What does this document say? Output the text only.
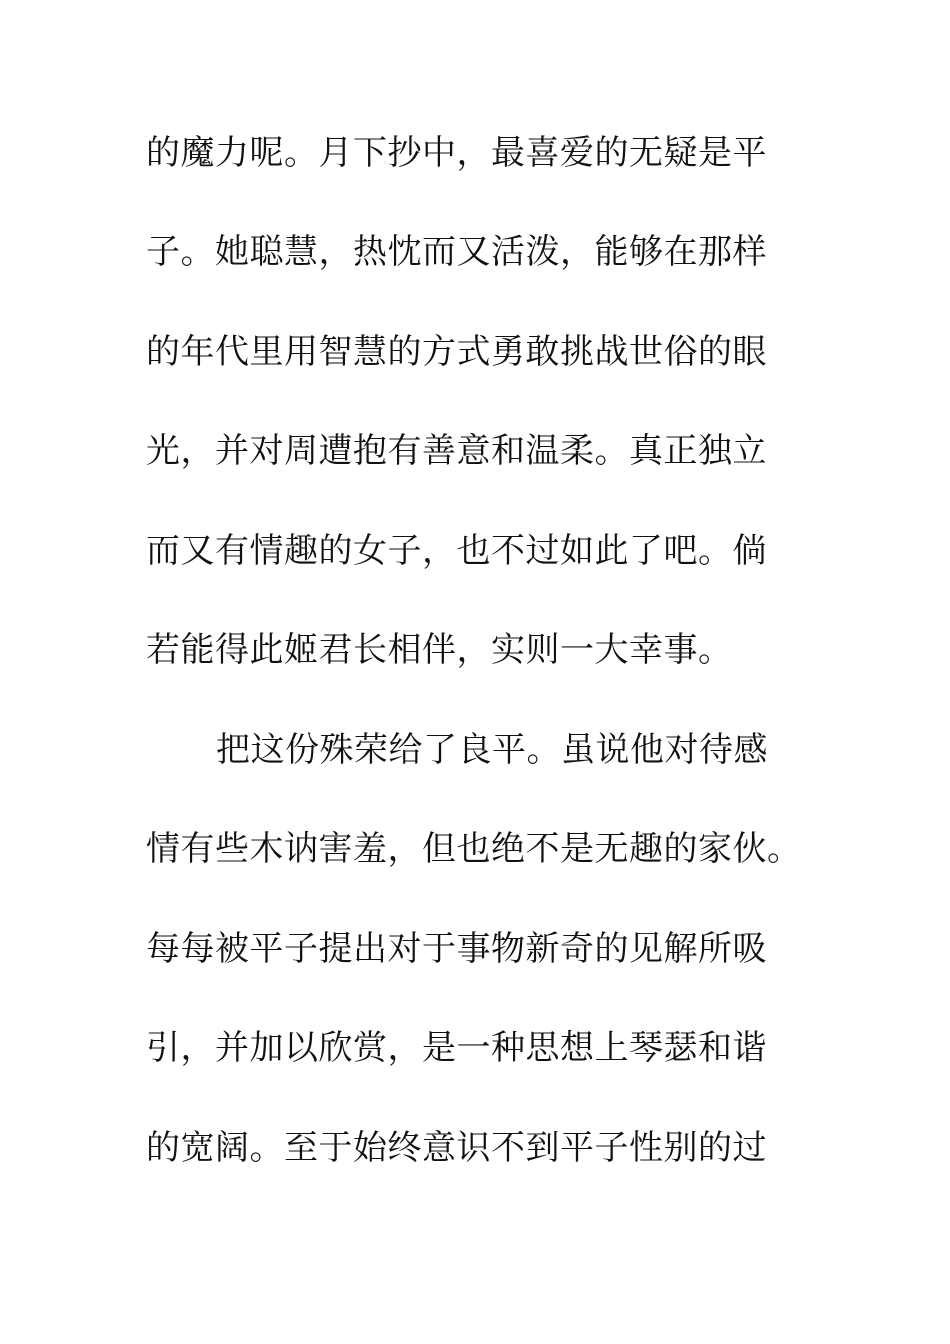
的魔力呢。月下抄中，最喜爱的无疑是平
子。她聪慧，热忱而又活泼，能够在那样
的年代里用智慧的方式勇敢挑战世俗的眼
光，并对周遭抱有善意和温柔。真正独立
而又有情趣的女子，也不过如此了吧。倘
若能得此姬君长相伴，实则一大幸事。
把这份殊荣给了良平。虽说他对待感
情有些木讷害羞，但也绝不是无趣的家伙。
每每被平子提出对于事物新奇的见解所吸
引，并加以欣赏，是一种思想上琴瑟和谐
的宽阔。至于始终意识不到平子性别的过
